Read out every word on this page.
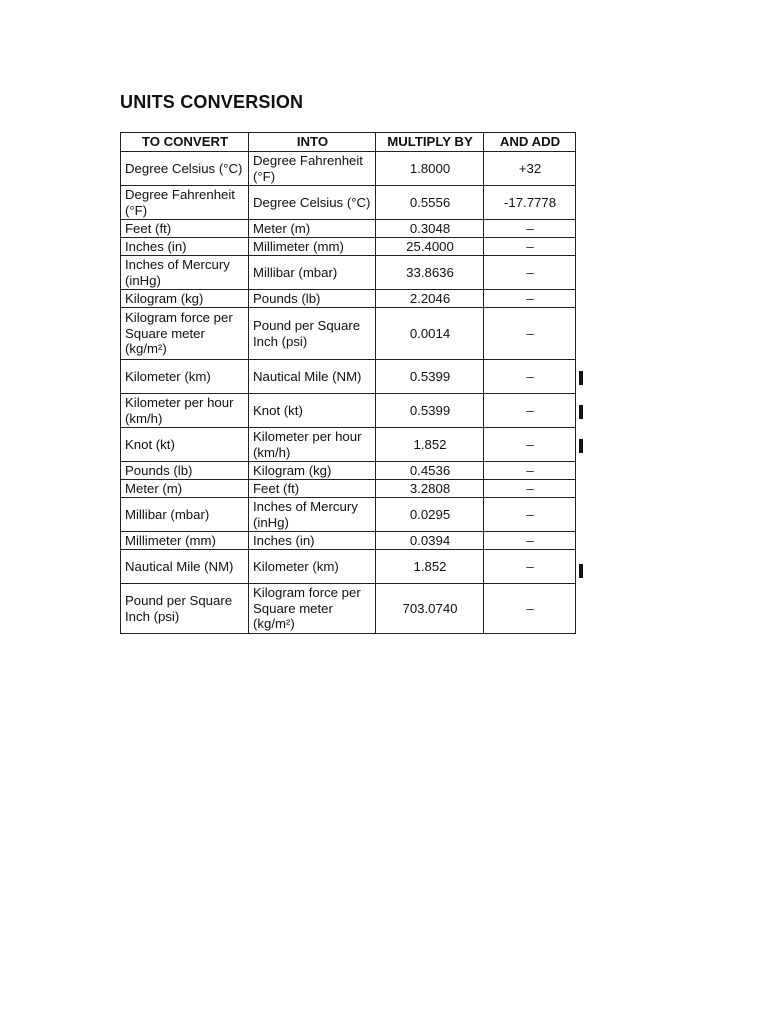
UNITS CONVERSION
TO CONVERT	INTO	MULTIPLY BY	AND ADD
Degree Celsius (°C)	Degree Fahrenheit (°F)	1.8000	+32
Degree Fahrenheit (°F)	Degree Celsius (°C)	0.5556	-17.7778
Feet (ft)	Meter (m)	0.3048	–
Inches (in)	Millimeter (mm)	25.4000	–
Inches of Mercury (inHg)	Millibar (mbar)	33.8636	–
Kilogram (kg)	Pounds (lb)	2.2046	–
Kilogram force per Square meter (kg/m²)	Pound per Square Inch (psi)	0.0014	–
Kilometer (km)	Nautical Mile (NM)	0.5399	–
Kilometer per hour (km/h)	Knot (kt)	0.5399	–
Knot (kt)	Kilometer per hour (km/h)	1.852	–
Pounds (lb)	Kilogram (kg)	0.4536	–
Meter (m)	Feet (ft)	3.2808	–
Millibar (mbar)	Inches of Mercury (inHg)	0.0295	–
Millimeter (mm)	Inches (in)	0.0394	–
Nautical Mile (NM)	Kilometer (km)	1.852	–
Pound per Square Inch (psi)	Kilogram force per Square meter (kg/m²)	703.0740	–
